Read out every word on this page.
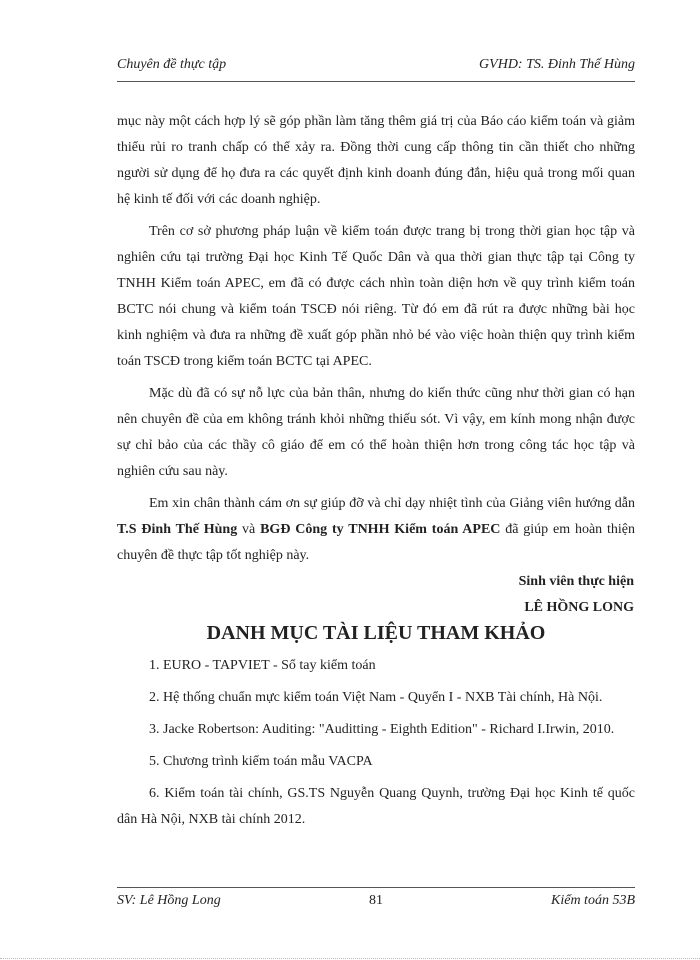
Chuyên đề thực tập	GVHD: TS. Đinh Thế Hùng

mục này một cách hợp lý sẽ góp phần làm tăng thêm giá trị của Báo cáo kiểm toán và giảm thiểu rủi ro tranh chấp có thể xảy ra. Đồng thời cung cấp thông tin cần thiết cho những người sử dụng để họ đưa ra các quyết định kinh doanh đúng đắn, hiệu quả trong mối quan hệ kinh tế đối với các doanh nghiệp.

Trên cơ sở phương pháp luận về kiểm toán được trang bị trong thời gian học tập và nghiên cứu tại trường Đại học Kinh Tế Quốc Dân và qua thời gian thực tập tại Công ty TNHH Kiểm toán APEC, em đã có được cách nhìn toàn diện hơn về quy trình kiểm toán BCTC nói chung và kiểm toán TSCĐ nói riêng. Từ đó em đã rút ra được những bài học kinh nghiệm và đưa ra những đề xuất góp phần nhỏ bé vào việc hoàn thiện quy trình kiểm toán TSCĐ trong kiểm toán BCTC tại APEC.

Mặc dù đã có sự nỗ lực của bản thân, nhưng do kiến thức cũng như thời gian có hạn nên chuyên đề của em không tránh khỏi những thiếu sót. Vì vậy, em kính mong nhận được sự chỉ bảo của các thầy cô giáo để em có thể hoàn thiện hơn trong công tác học tập và nghiên cứu sau này.

Em xin chân thành cám ơn sự giúp đỡ và chỉ dạy nhiệt tình của Giảng viên hướng dẫn T.S Đinh Thế Hùng và BGĐ Công ty TNHH Kiểm toán APEC đã giúp em hoàn thiện chuyên đề thực tập tốt nghiệp này.

Sinh viên thực hiện
LÊ HỒNG LONG
DANH MỤC TÀI LIỆU THAM KHẢO

1. EURO - TAPVIET - Sổ tay kiểm toán

2. Hệ thống chuẩn mực kiểm toán Việt Nam - Quyển I - NXB Tài chính, Hà Nội.

3. Jacke Robertson: Auditing: "Auditting - Eighth Edition" - Richard I.Irwin, 2010.

5. Chương trình kiểm toán mẫu VACPA

6. Kiểm toán tài chính, GS.TS Nguyễn Quang Quynh, trường Đại học Kinh tế quốc dân Hà Nội, NXB tài chính 2012.

SV: Lê Hồng Long	81	Kiểm toán 53B
